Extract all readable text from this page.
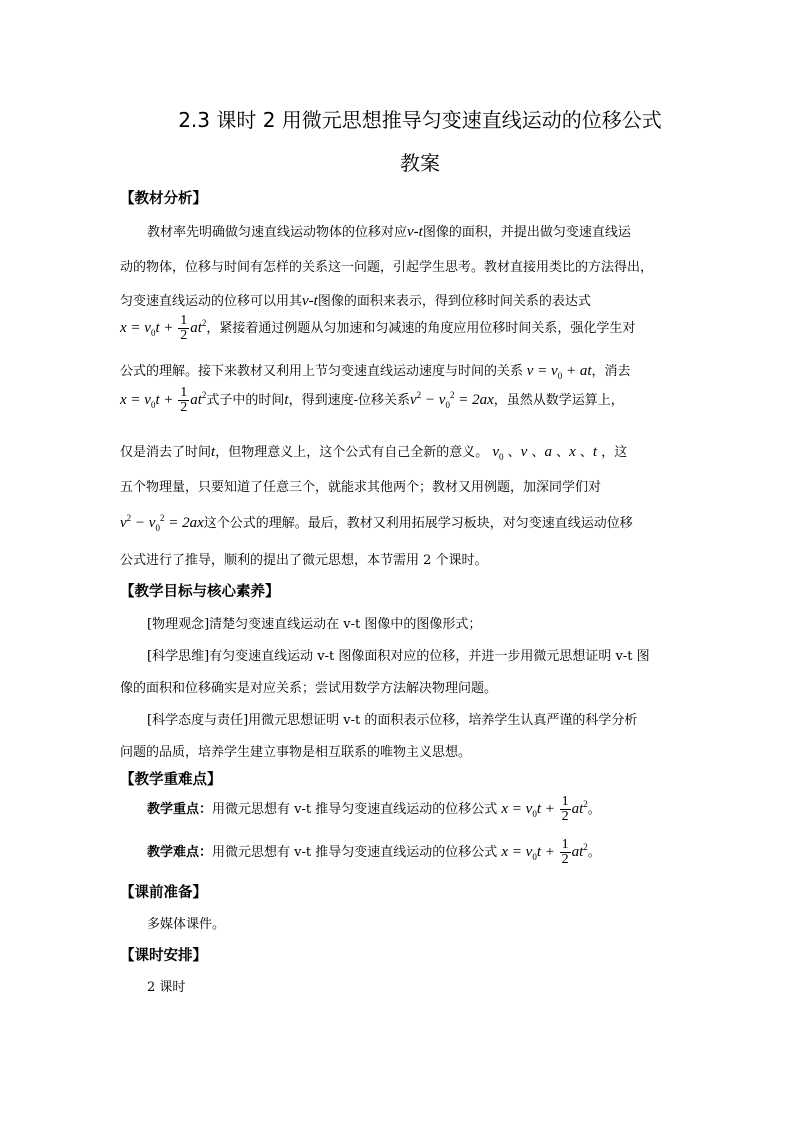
2.3 课时 2 用微元思想推导匀变速直线运动的位移公式
教案
【教材分析】
教材率先明确做匀速直线运动物体的位移对应v-t图像的面积，并提出做匀变速直线运
动的物体，位移与时间有怎样的关系这一问题，引起学生思考。教材直接用类比的方法得出，
匀变速直线运动的位移可以用其v-t图像的面积来表示，得到位移时间关系的表达式
$x = v_0t + \frac{1}{2} at^2$，紧接着通过例题从匀加速和匀减速的角度应用位移时间关系，强化学生对
公式的理解。接下来教材又利用上节匀变速直线运动速度与时间的关系 $v = v_0$ + at，消去
$x = v_0t + \frac{1}{2} at^2$式子中的时间t，得到速度-位移关系$v^2 - v_0^2 = 2ax$，虽然从数学运算上，
仅是消去了时间t，但物理意义上，这个公式有自己全新的意义。 $v_0$ 、v 、a 、x 、t ，这
五个物理量，只要知道了任意三个，就能求其他两个；教材又用例题，加深同学们对
$v^2 - v_0^2 = 2ax$这个公式的理解。最后，教材又利用拓展学习板块，对匀变速直线运动位移
公式进行了推导，顺利的提出了微元思想，本节需用 2 个课时。
【教学目标与核心素养】
[物理观念]清楚匀变速直线运动在 v-t 图像中的图像形式；
[科学思维]有匀变速直线运动 v-t 图像面积对应的位移，并进一步用微元思想证明 v-t 图
像的面积和位移确实是对应关系；尝试用数学方法解决物理问题。
[科学态度与责任]用微元思想证明 v-t 的面积表示位移，培养学生认真严谨的科学分析
问题的品质，培养学生建立事物是相互联系的唯物主义思想。
【教学重难点】
教学重点：用微元思想有 v-t 推导匀变速直线运动的位移公式 $x = v_0t + \frac{1}{2} at^2$。
教学难点：用微元思想有 v-t 推导匀变速直线运动的位移公式 $x = v_0t + \frac{1}{2} at^2$。
【课前准备】
多媒体课件。
【课时安排】
2 课时
